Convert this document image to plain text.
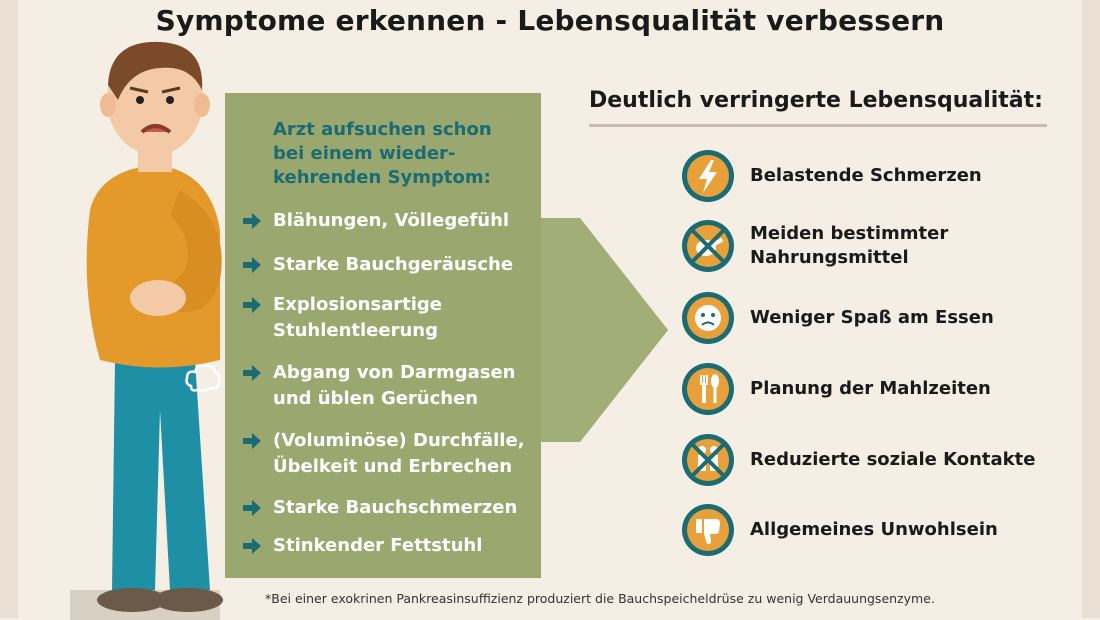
Symptome erkennen - Lebensqualität verbessern
Arzt aufsuchen schon
bei einem wieder-
kehrenden Symptom:
Blähungen, Völlegefühl
Starke Bauchgeräusche
Explosionsartige
Stuhlentleerung
Abgang von Darmgasen
und üblen Gerüchen
(Voluminöse) Durchfälle,
Übelkeit und Erbrechen
Starke Bauchschmerzen
Stinkender Fettstuhl
Deutlich verringerte Lebensqualität:
Belastende Schmerzen
Meiden bestimmter
Nahrungsmittel
Weniger Spaß am Essen
Planung der Mahlzeiten
Reduzierte soziale Kontakte
Allgemeines Unwohlsein
*Bei einer exokrinen Pankreasinsuffizienz produziert die Bauchspeicheldrüse zu wenig Verdauungsenzyme.
